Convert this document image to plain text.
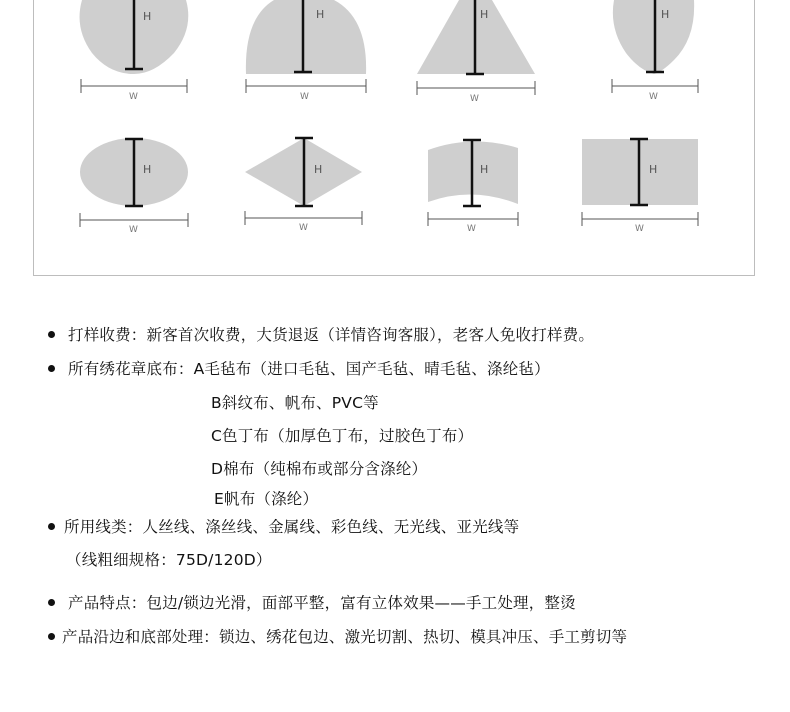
H
W
H
W
H
W
H
W
H
W
H
W
H
W
H
W
打样收费：新客首次收费，大货退返（详情咨询客服），老客人免收打样费。
所有绣花章底布：A毛毡布（进口毛毡、国产毛毡、晴毛毡、涤纶毡）
B斜纹布、帆布、PVC等
C色丁布（加厚色丁布，过胶色丁布）
D棉布（纯棉布或部分含涤纶）
E帆布（涤纶）
所用线类：人丝线、涤丝线、金属线、彩色线、无光线、亚光线等
（线粗细规格：75D/120D）
产品特点：包边/锁边光滑，面部平整，富有立体效果——手工处理，整烫
产品沿边和底部处理：锁边、绣花包边、激光切割、热切、模具冲压、手工剪切等
